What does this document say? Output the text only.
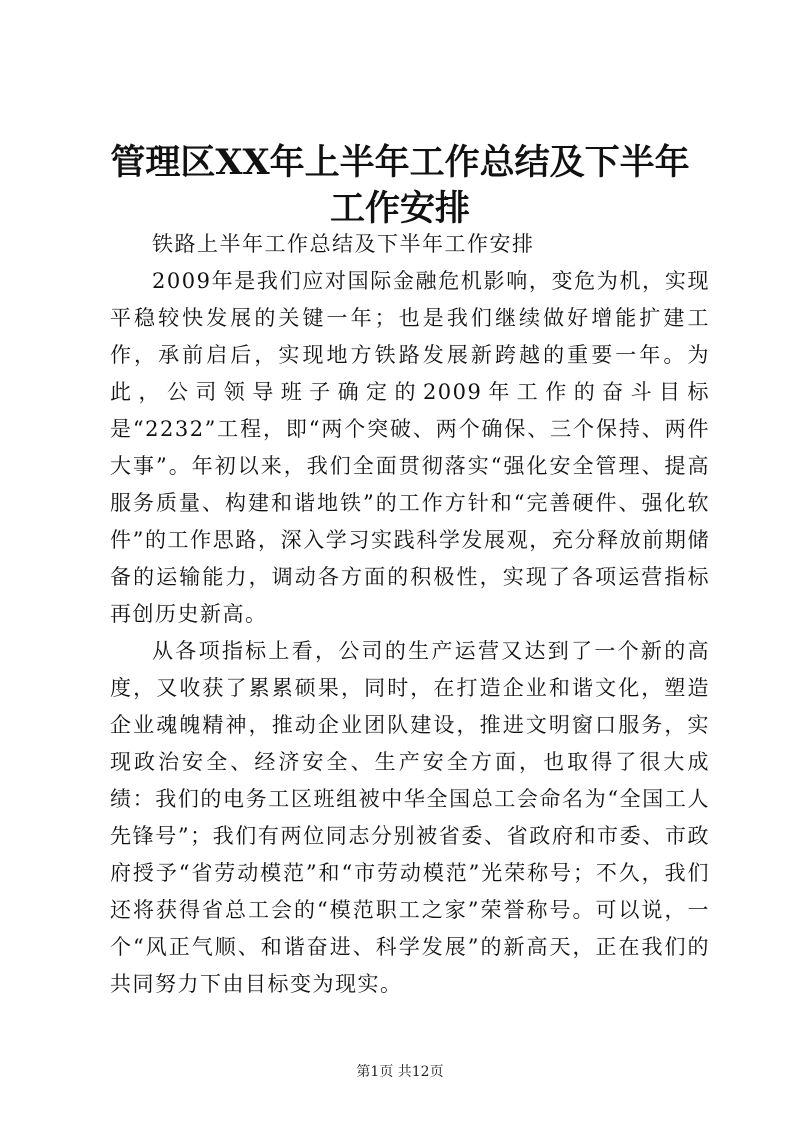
管理区XX年上半年工作总结及下半年工作安排

铁路上半年工作总结及下半年工作安排

2009年是我们应对国际金融危机影响，变危为机，实现平稳较快发展的关键一年；也是我们继续做好增能扩建工作，承前启后，实现地方铁路发展新跨越的重要一年。为此，公司领导班子确定的2009年工作的奋斗目标是“2232”工程，即“两个突破、两个确保、三个保持、两件大事”。年初以来，我们全面贯彻落实“强化安全管理、提高服务质量、构建和谐地铁”的工作方针和“完善硬件、强化软件”的工作思路，深入学习实践科学发展观，充分释放前期储备的运输能力，调动各方面的积极性，实现了各项运营指标再创历史新高。

从各项指标上看，公司的生产运营又达到了一个新的高度，又收获了累累硕果，同时，在打造企业和谐文化，塑造企业魂魄精神，推动企业团队建设，推进文明窗口服务，实现政治安全、经济安全、生产安全方面，也取得了很大成绩：我们的电务工区班组被中华全国总工会命名为“全国工人先锋号”；我们有两位同志分别被省委、省政府和市委、市政府授予“省劳动模范”和“市劳动模范”光荣称号；不久，我们还将获得省总工会的“模范职工之家”荣誉称号。可以说，一个“风正气顺、和谐奋进、科学发展”的新高天，正在我们的共同努力下由目标变为现实。

第1页 共12页
